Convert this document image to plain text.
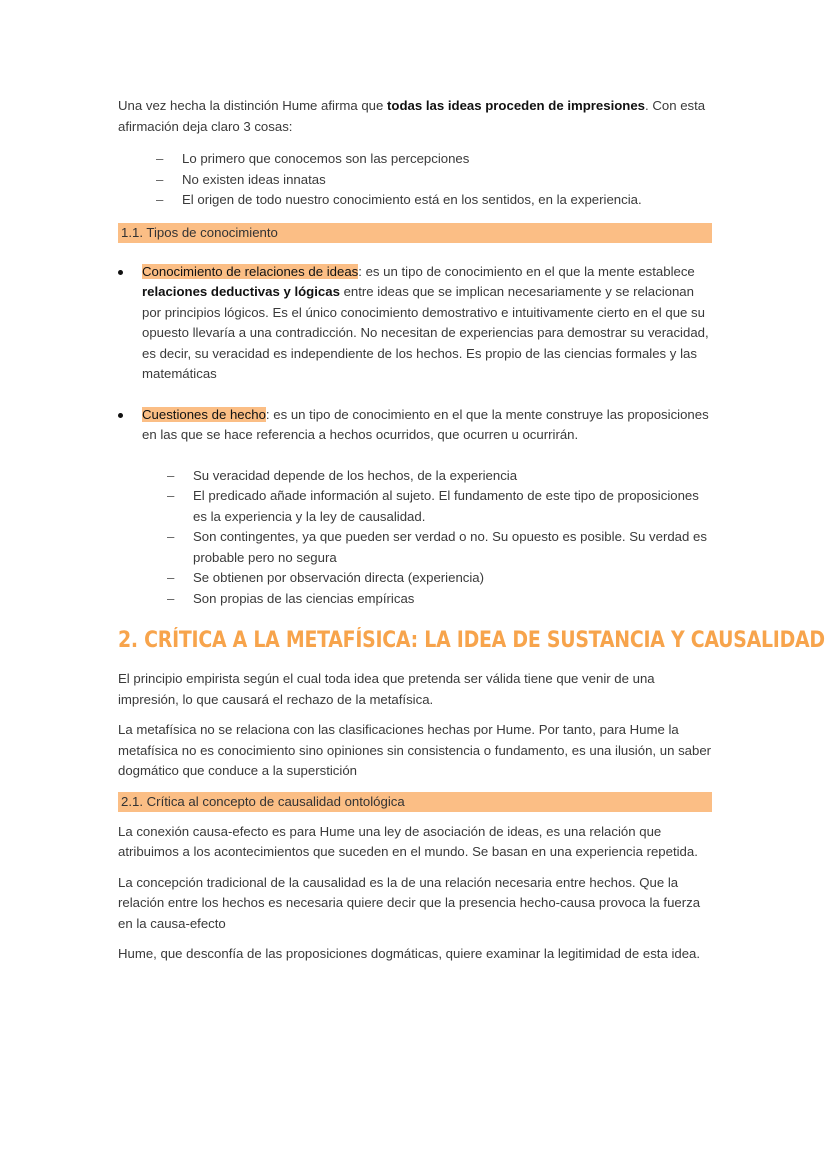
Una vez hecha la distinción Hume afirma que todas las ideas proceden de impresiones. Con esta afirmación deja claro 3 cosas:

– Lo primero que conocemos son las percepciones
– No existen ideas innatas
– El origen de todo nuestro conocimiento está en los sentidos, en la experiencia.
1.1. Tipos de conocimiento

Conocimiento de relaciones de ideas: es un tipo de conocimiento en el que la mente establece relaciones deductivas y lógicas entre ideas que se implican necesariamente y se relacionan por principios lógicos. Es el único conocimiento demostrativo e intuitivamente cierto en el que su opuesto llevaría a una contradicción. No necesitan de experiencias para demostrar su veracidad, es decir, su veracidad es independiente de los hechos. Es propio de las ciencias formales y las matemáticas

Cuestiones de hecho: es un tipo de conocimiento en el que la mente construye las proposiciones en las que se hace referencia a hechos ocurridos, que ocurren u ocurrirán.

– Su veracidad depende de los hechos, de la experiencia
– El predicado añade información al sujeto. El fundamento de este tipo de proposiciones es la experiencia y la ley de causalidad.
– Son contingentes, ya que pueden ser verdad o no. Su opuesto es posible. Su verdad es probable pero no segura
– Se obtienen por observación directa (experiencia)
– Son propias de las ciencias empíricas
2. CRÍTICA A LA METAFÍSICA: LA IDEA DE SUSTANCIA Y CAUSALIDAD

El principio empirista según el cual toda idea que pretenda ser válida tiene que venir de una impresión, lo que causará el rechazo de la metafísica.

La metafísica no se relaciona con las clasificaciones hechas por Hume. Por tanto, para Hume la metafísica no es conocimiento sino opiniones sin consistencia o fundamento, es una ilusión, un saber dogmático que conduce a la superstición

2.1. Crítica al concepto de causalidad ontológica

La conexión causa-efecto es para Hume una ley de asociación de ideas, es una relación que atribuimos a los acontecimientos que suceden en el mundo. Se basan en una experiencia repetida.

La concepción tradicional de la causalidad es la de una relación necesaria entre hechos. Que la relación entre los hechos es necesaria quiere decir que la presencia hecho-causa provoca la fuerza en la causa-efecto

Hume, que desconfía de las proposiciones dogmáticas, quiere examinar la legitimidad de esta idea.
